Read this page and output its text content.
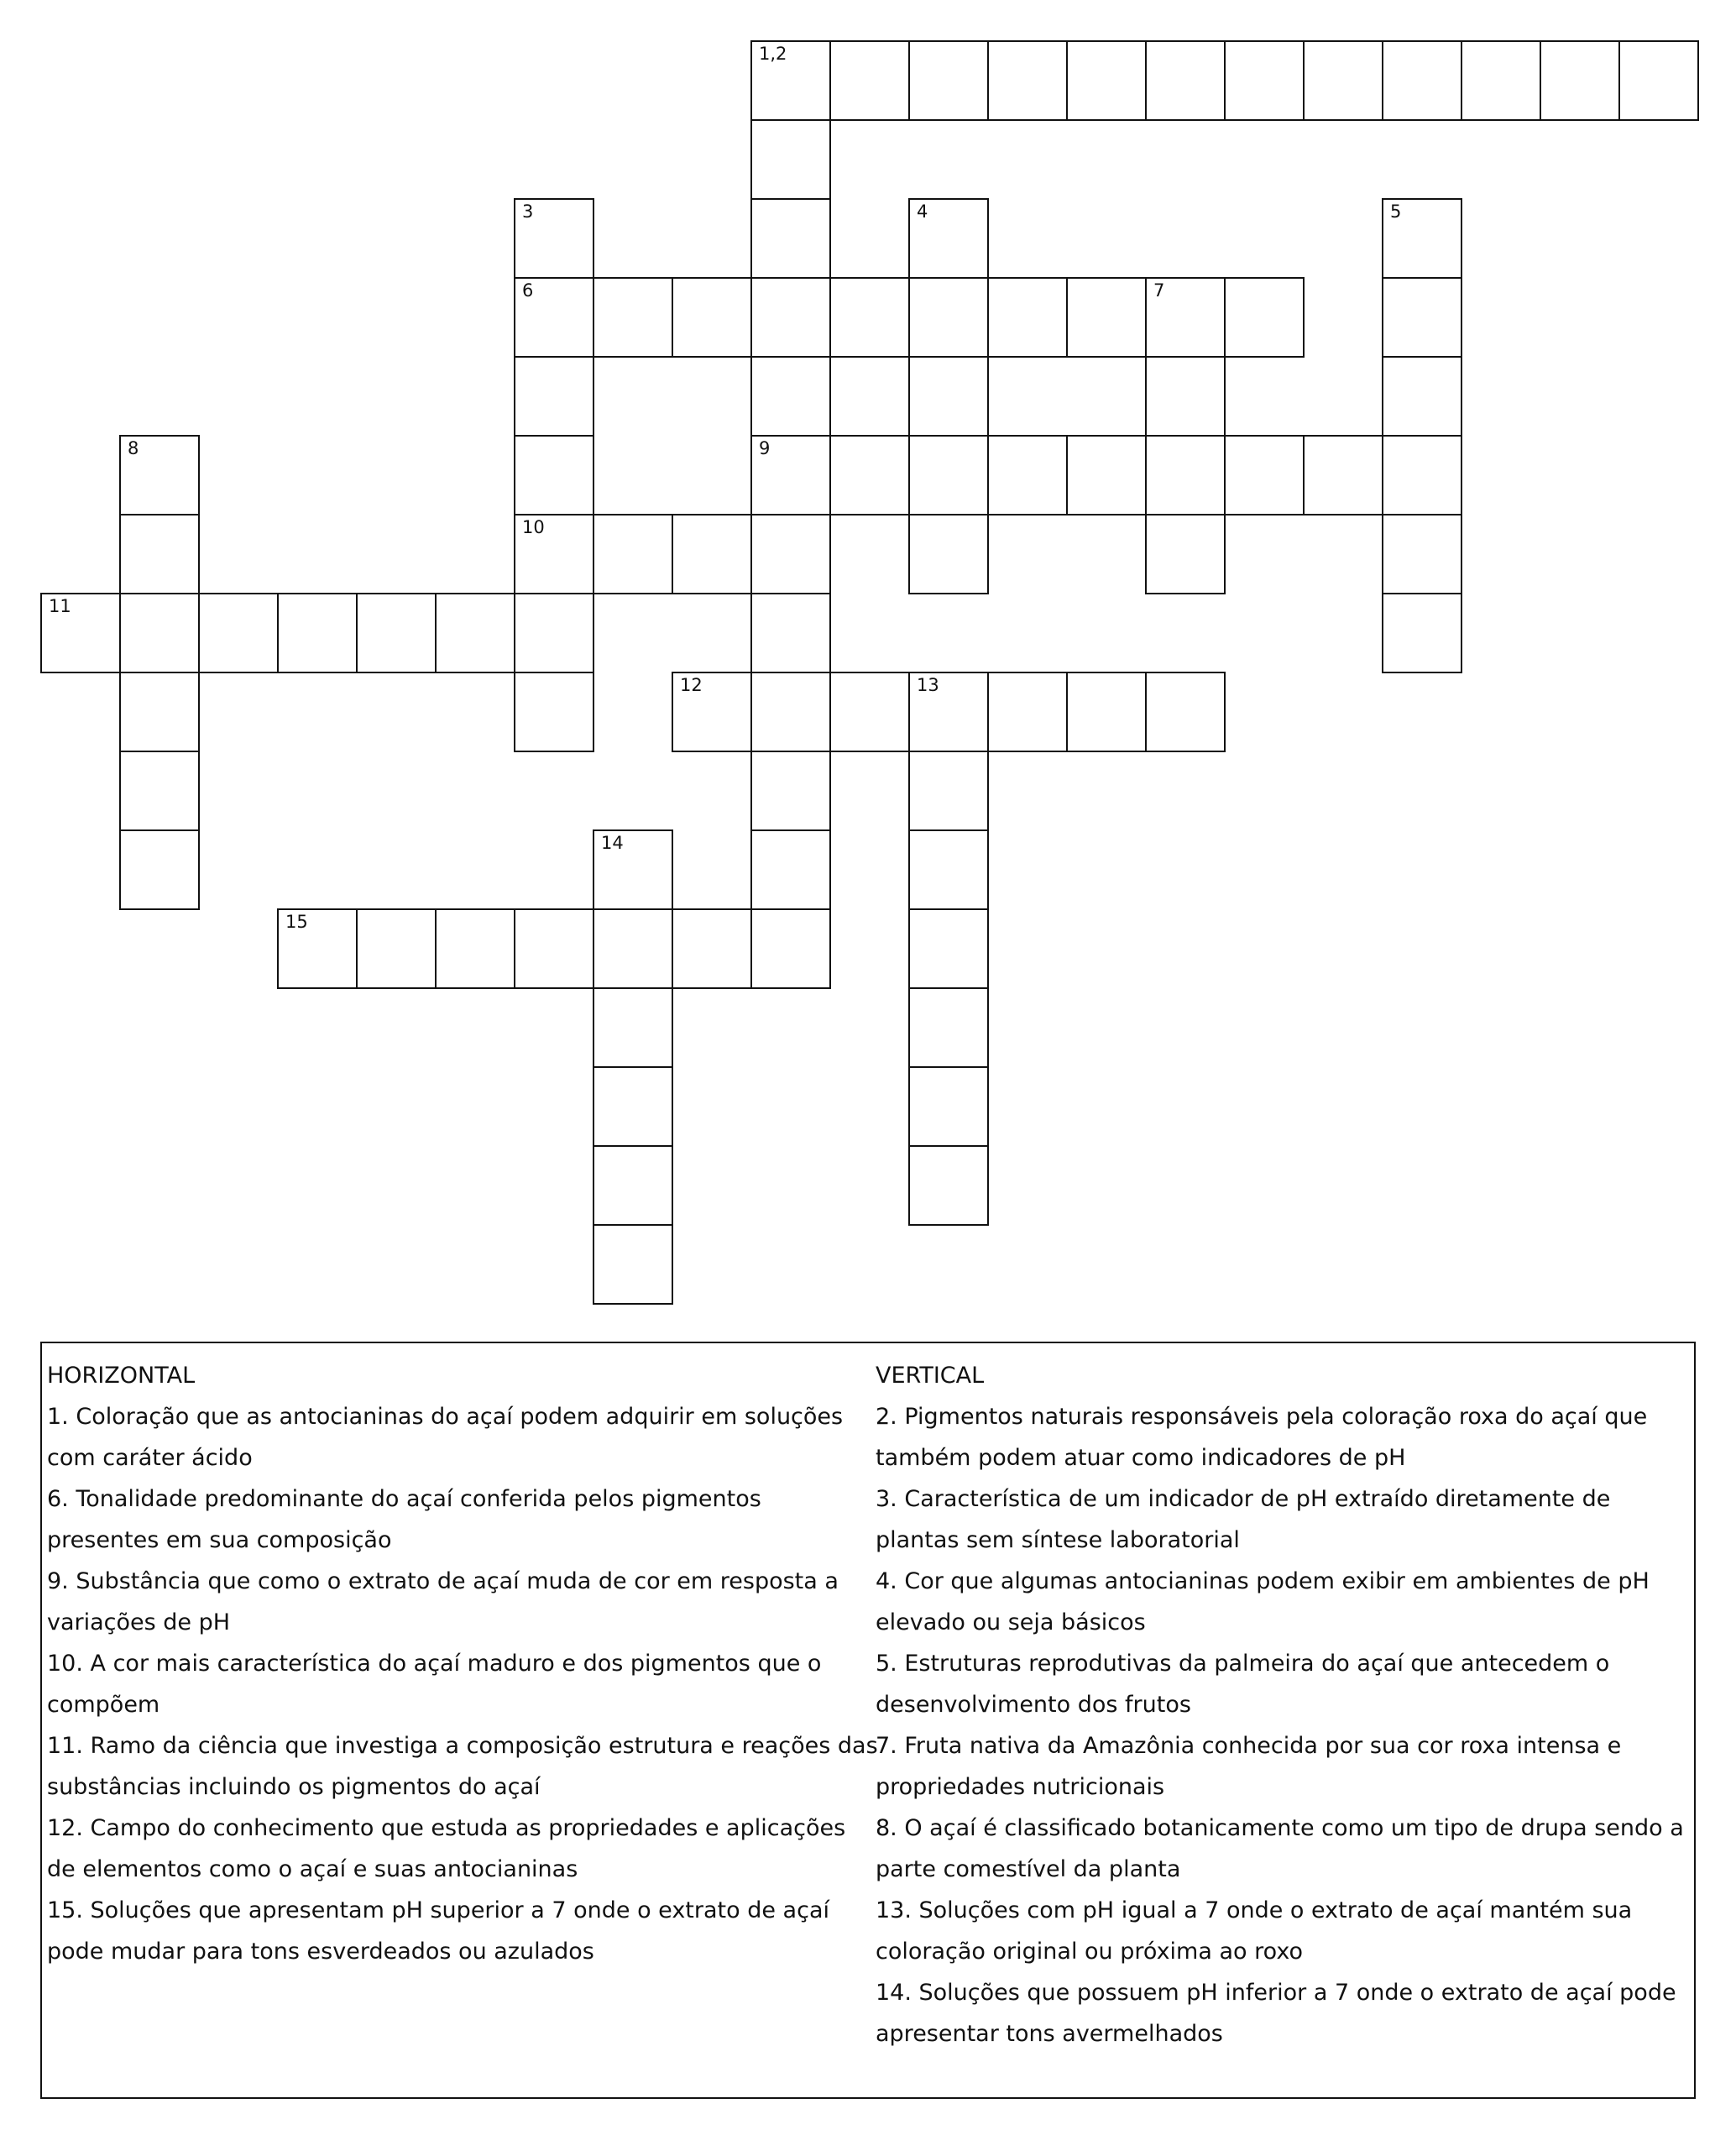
1,2
3	4	5
6	7
8	9
10
11
12	13
14
15

HORIZONTAL

1. Coloração que as antocianinas do açaí podem adquirir em soluções com caráter ácido

6. Tonalidade predominante do açaí conferida pelos pigmentos presentes em sua composição

9. Substância que como o extrato de açaí muda de cor em resposta a variações de pH

10. A cor mais característica do açaí maduro e dos pigmentos que o compõem

11. Ramo da ciência que investiga a composição estrutura e reações das substâncias incluindo os pigmentos do açaí

12. Campo do conhecimento que estuda as propriedades e aplicações de elementos como o açaí e suas antocianinas

15. Soluções que apresentam pH superior a 7 onde o extrato de açaí pode mudar para tons esverdeados ou azulados

VERTICAL

2. Pigmentos naturais responsáveis pela coloração roxa do açaí que também podem atuar como indicadores de pH

3. Característica de um indicador de pH extraído diretamente de plantas sem síntese laboratorial

4. Cor que algumas antocianinas podem exibir em ambientes de pH elevado ou seja básicos

5. Estruturas reprodutivas da palmeira do açaí que antecedem o desenvolvimento dos frutos

7. Fruta nativa da Amazônia conhecida por sua cor roxa intensa e propriedades nutricionais

8. O açaí é classificado botanicamente como um tipo de drupa sendo a parte comestível da planta

13. Soluções com pH igual a 7 onde o extrato de açaí mantém sua coloração original ou próxima ao roxo

14. Soluções que possuem pH inferior a 7 onde o extrato de açaí pode apresentar tons avermelhados
